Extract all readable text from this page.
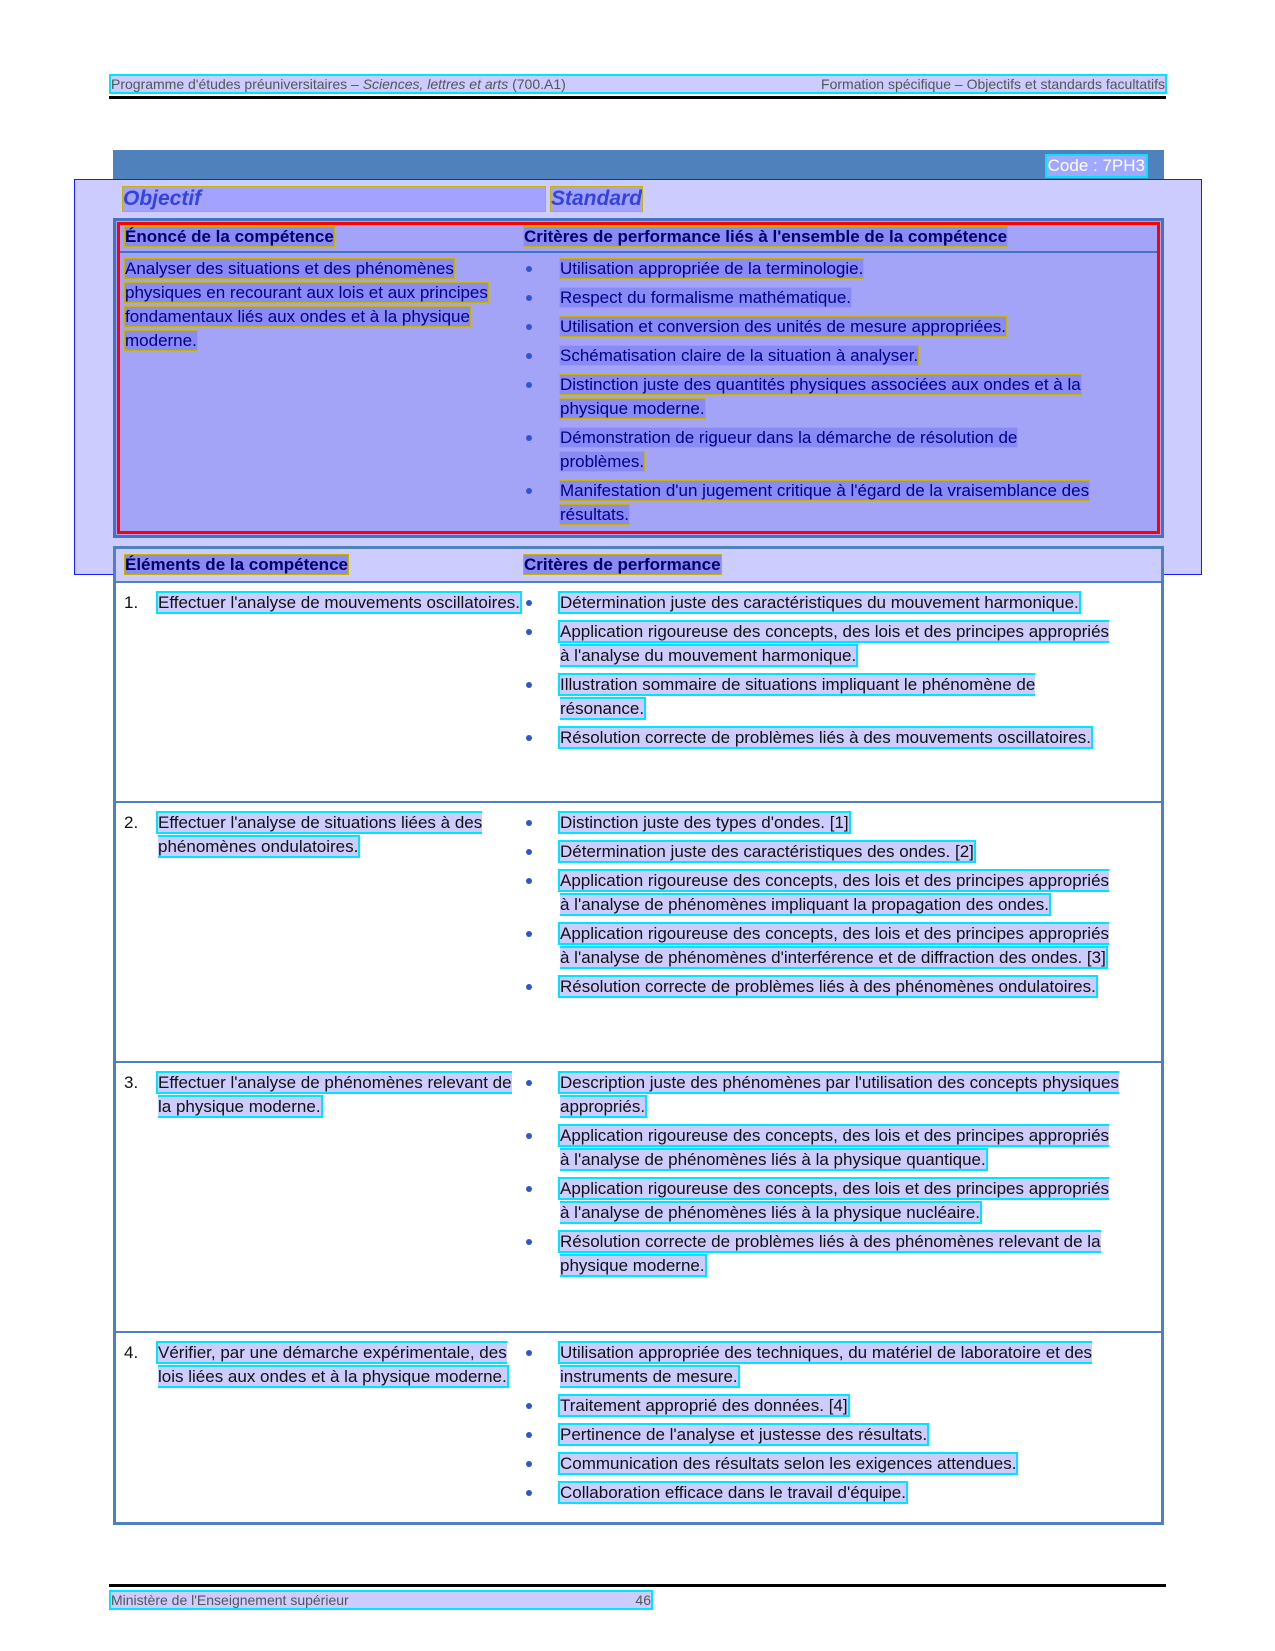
Programme d'études préuniversitaires – Sciences, lettres et arts (700.A1)	Formation spécifique – Objectifs et standards facultatifs
Code : 7PH3
Objectif	Standard
Énoncé de la compétence	Critères de performance liés à l'ensemble de la compétence
Analyser des situations et des phénomènes physiques en recourant aux lois et aux principes fondamentaux liés aux ondes et à la physique moderne.
Utilisation appropriée de la terminologie.
Respect du formalisme mathématique.
Utilisation et conversion des unités de mesure appropriées.
Schématisation claire de la situation à analyser.
Distinction juste des quantités physiques associées aux ondes et à la physique moderne.
Démonstration de rigueur dans la démarche de résolution de problèmes.
Manifestation d'un jugement critique à l'égard de la vraisemblance des résultats.
Éléments de la compétence	Critères de performance
1.	Effectuer l'analyse de mouvements oscillatoires.	Détermination juste des caractéristiques du mouvement harmonique.
Application rigoureuse des concepts, des lois et des principes appropriés à l'analyse du mouvement harmonique.
Illustration sommaire de situations impliquant le phénomène de résonance.
Résolution correcte de problèmes liés à des mouvements oscillatoires.
2.	Effectuer l'analyse de situations liées à des phénomènes ondulatoires.
Distinction juste des types d'ondes. [1]
Détermination juste des caractéristiques des ondes. [2]
Application rigoureuse des concepts, des lois et des principes appropriés à l'analyse de phénomènes impliquant la propagation des ondes.
Application rigoureuse des concepts, des lois et des principes appropriés à l'analyse de phénomènes d'interférence et de diffraction des ondes. [3]
Résolution correcte de problèmes liés à des phénomènes ondulatoires.
3.	Effectuer l'analyse de phénomènes relevant de la physique moderne.
Description juste des phénomènes par l'utilisation des concepts physiques appropriés.
Application rigoureuse des concepts, des lois et des principes appropriés à l'analyse de phénomènes liés à la physique quantique.
Application rigoureuse des concepts, des lois et des principes appropriés à l'analyse de phénomènes liés à la physique nucléaire.
Résolution correcte de problèmes liés à des phénomènes relevant de la physique moderne.
4.	Vérifier, par une démarche expérimentale, des lois liées aux ondes et à la physique moderne.
Utilisation appropriée des techniques, du matériel de laboratoire et des instruments de mesure.
Traitement approprié des données. [4]
Pertinence de l'analyse et justesse des résultats.
Communication des résultats selon les exigences attendues.
Collaboration efficace dans le travail d'équipe.
Ministère de l'Enseignement supérieur	46
